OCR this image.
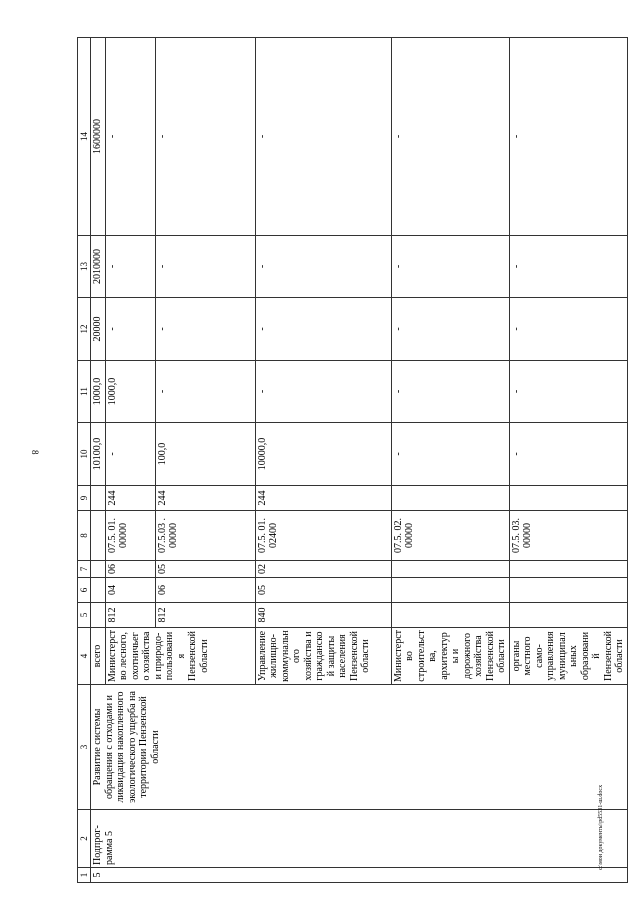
8
1	2	3	4	5	6	7	8	9	10	11	12	13	14
5	Подпрог-рамма 5	Развитие системы обращения с отходами и ликвидация накопленного экологического ущерба на территории Пензенской области	всего						10100,0	1000,0	20000	2010000	1600000
			Министерство лесного, охотничьего хозяйства и природо-пользования Пензенской области	812	04	06	07.5. 01. 00000	244	-	1000,0	-	-	-
				812	06	05	07.5.03 . 00000	244	100,0	-	-	-	-
			Управление жилищно-коммунального хозяйства и гражданской защиты населения Пензенской области	840	05	02	07.5. 01. 02400	244	10000,0	-	-	-	-
			Министерство строительства, архитектуры и дорожного хозяйства Пензенской области				07.5. 02. 00000		-	-	-	-	-
			органы местного само-управления муниципальных образований Пензенской области				07.5. 03. 00000		-	-	-	-	-
c:\мои документы\pd5531-ш.docx
